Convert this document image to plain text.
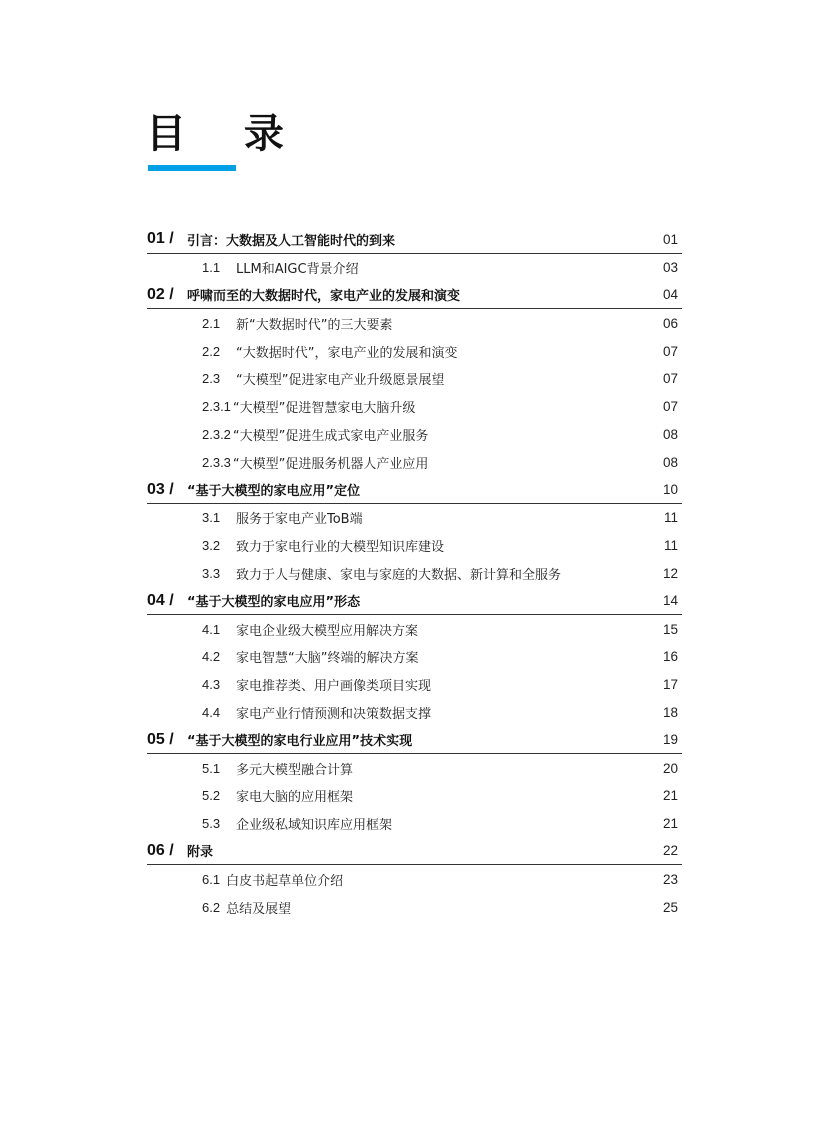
目 录
01 /	引言：大数据及人工智能时代的到来	01
1.1	LLM和AIGC背景介绍	03
02 /	呼啸而至的大数据时代，家电产业的发展和演变	04
2.1	新“大数据时代”的三大要素	06
2.2	“大数据时代”，家电产业的发展和演变	07
2.3	“大模型”促进家电产业升级愿景展望	07
2.3.1 “大模型”促进智慧家电大脑升级	07
2.3.2 “大模型”促进生成式家电产业服务	08
2.3.3 “大模型”促进服务机器人产业应用	08
03 /	“基于大模型的家电应用”定位	10
3.1	服务于家电产业ToB端	11
3.2	致力于家电行业的大模型知识库建设	11
3.3	致力于人与健康、家电与家庭的大数据、新计算和全服务	12
04 /	“基于大模型的家电应用”形态	14
4.1	家电企业级大模型应用解决方案	15
4.2	家电智慧“大脑”终端的解决方案	16
4.3	家电推荐类、用户画像类项目实现	17
4.4	家电产业行情预测和决策数据支撑	18
05 /	“基于大模型的家电行业应用”技术实现	19
5.1	多元大模型融合计算	20
5.2	家电大脑的应用框架	21
5.3	企业级私域知识库应用框架	21
06 /	附录	22
6.1 白皮书起草单位介绍	23
6.2 总结及展望	25
